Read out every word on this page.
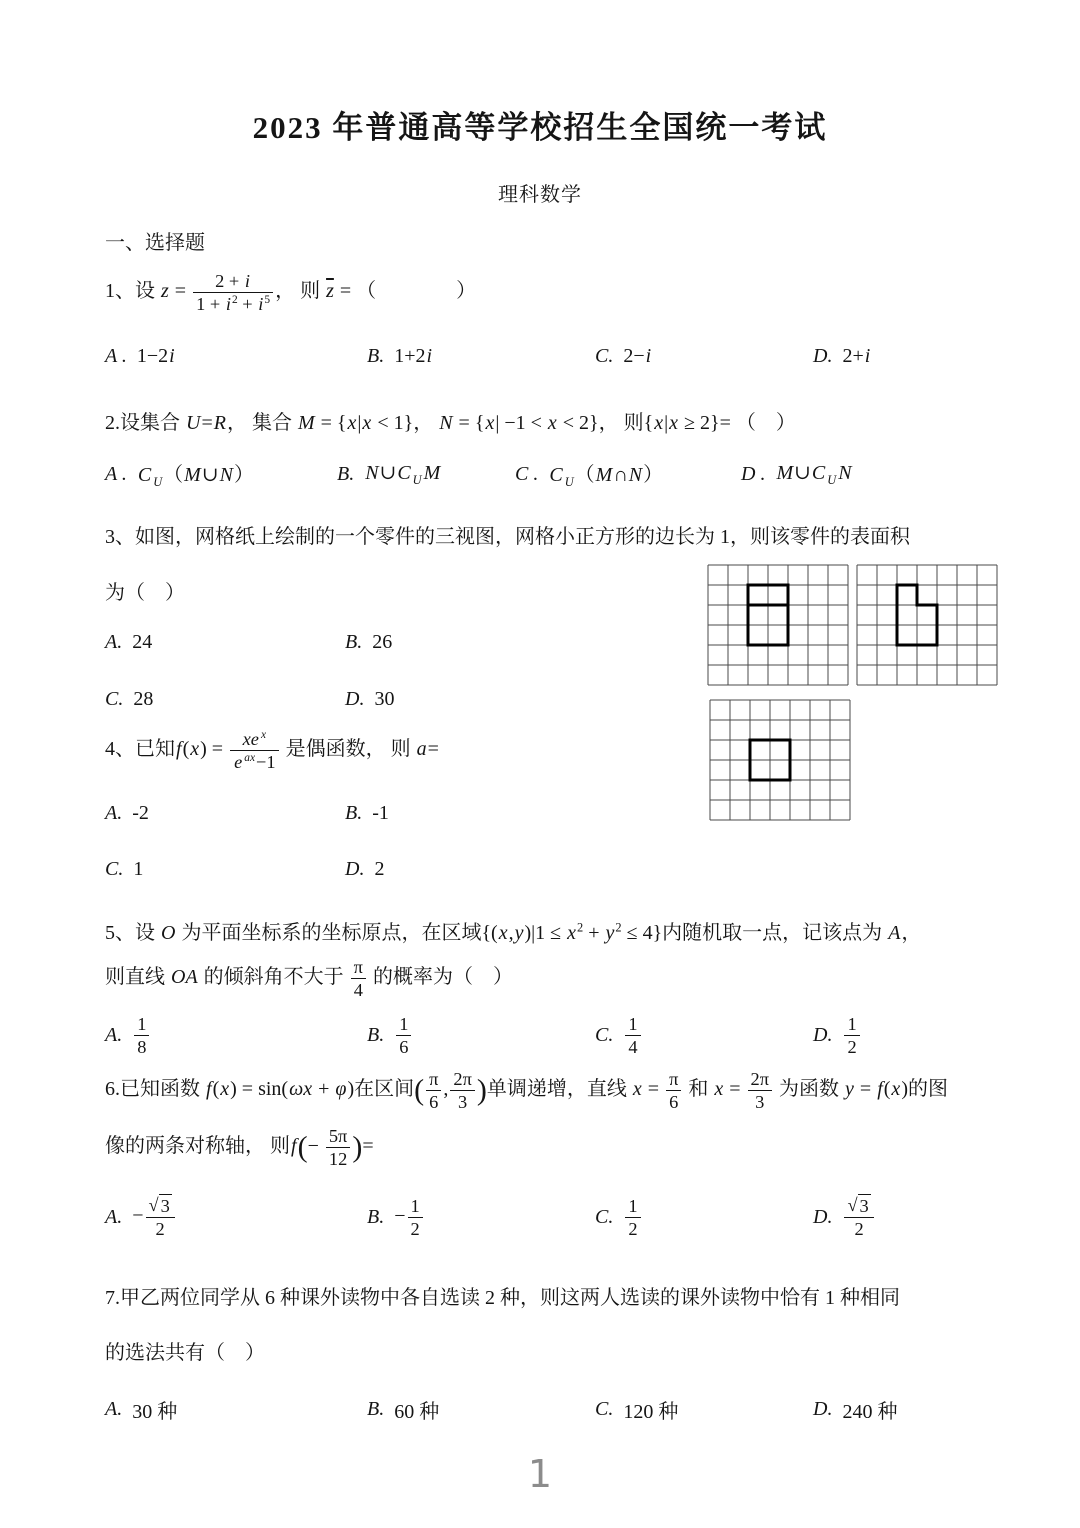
2023 年普通高等学校招生全国统一考试
理科数学
一、选择题
1、设 $z = \frac{2 + i}{1 + i^2 + i^5}$ ， 则 $\overline{z}$ = （　　　　）
A . 1−2i	B. 1+2i	C. 2−i	D. 2+i
2.设集合 U=R， 集合 M = {x|x < 1}， N = {x| −1 < x < 2}， 则{x|x ≥ 2}= （　）
A . C $_U$（M∪N）	B. N∪C $_U$ M	C . C $_U$（M∩N）	D . M∪C $_U$ N
3、如图，网格纸上绘制的一个零件的三视图，网格小正方形的边长为 1，则该零件的表面积
为（　）
A. 24	B. 26
C. 28	D. 30
4、已知$f(x) = \frac{xe ^x}{e ^{ax}-1}$ 是偶函数， 则 a=
A. -2	B. -1
C. 1	D. 2
5、设 O 为平面坐标系的坐标原点，在区域$\{(x,y)|1 \le x^2 + y^2 \le 4\}$内随机取一点，记该点为 A，
则直线 OA 的倾斜角不大于 $\frac{\pi}{4}$ 的概率为（　）
A. $\frac{1}{8}$	B. $\frac{1}{6}$	C. $\frac{1}{4}$	D. $\frac{1}{2}$
6.已知函数 f(x) = sin(ωx + φ)在区间( $\frac{\pi}{6}$ , $\frac{2\pi}{3}$ )单调递增，直线 $x = \frac{\pi}{6}$ 和 $x = \frac{2\pi}{3}$ 为函数 y = f(x)的图
像的两条对称轴， 则$f(- \frac{5\pi}{12}$ )=
A. − $\frac{√ 3}{2}$	B. − $\frac{1}{2}$	C. $\frac{1}{2}$	D. $\frac{√ 3}{2}$
7.甲乙两位同学从 6 种课外读物中各自选读 2 种，则这两人选读的课外读物中恰有 1 种相同
的选法共有（　）
A. 30 种	B. 60 种	C. 120 种	D. 240 种
1
